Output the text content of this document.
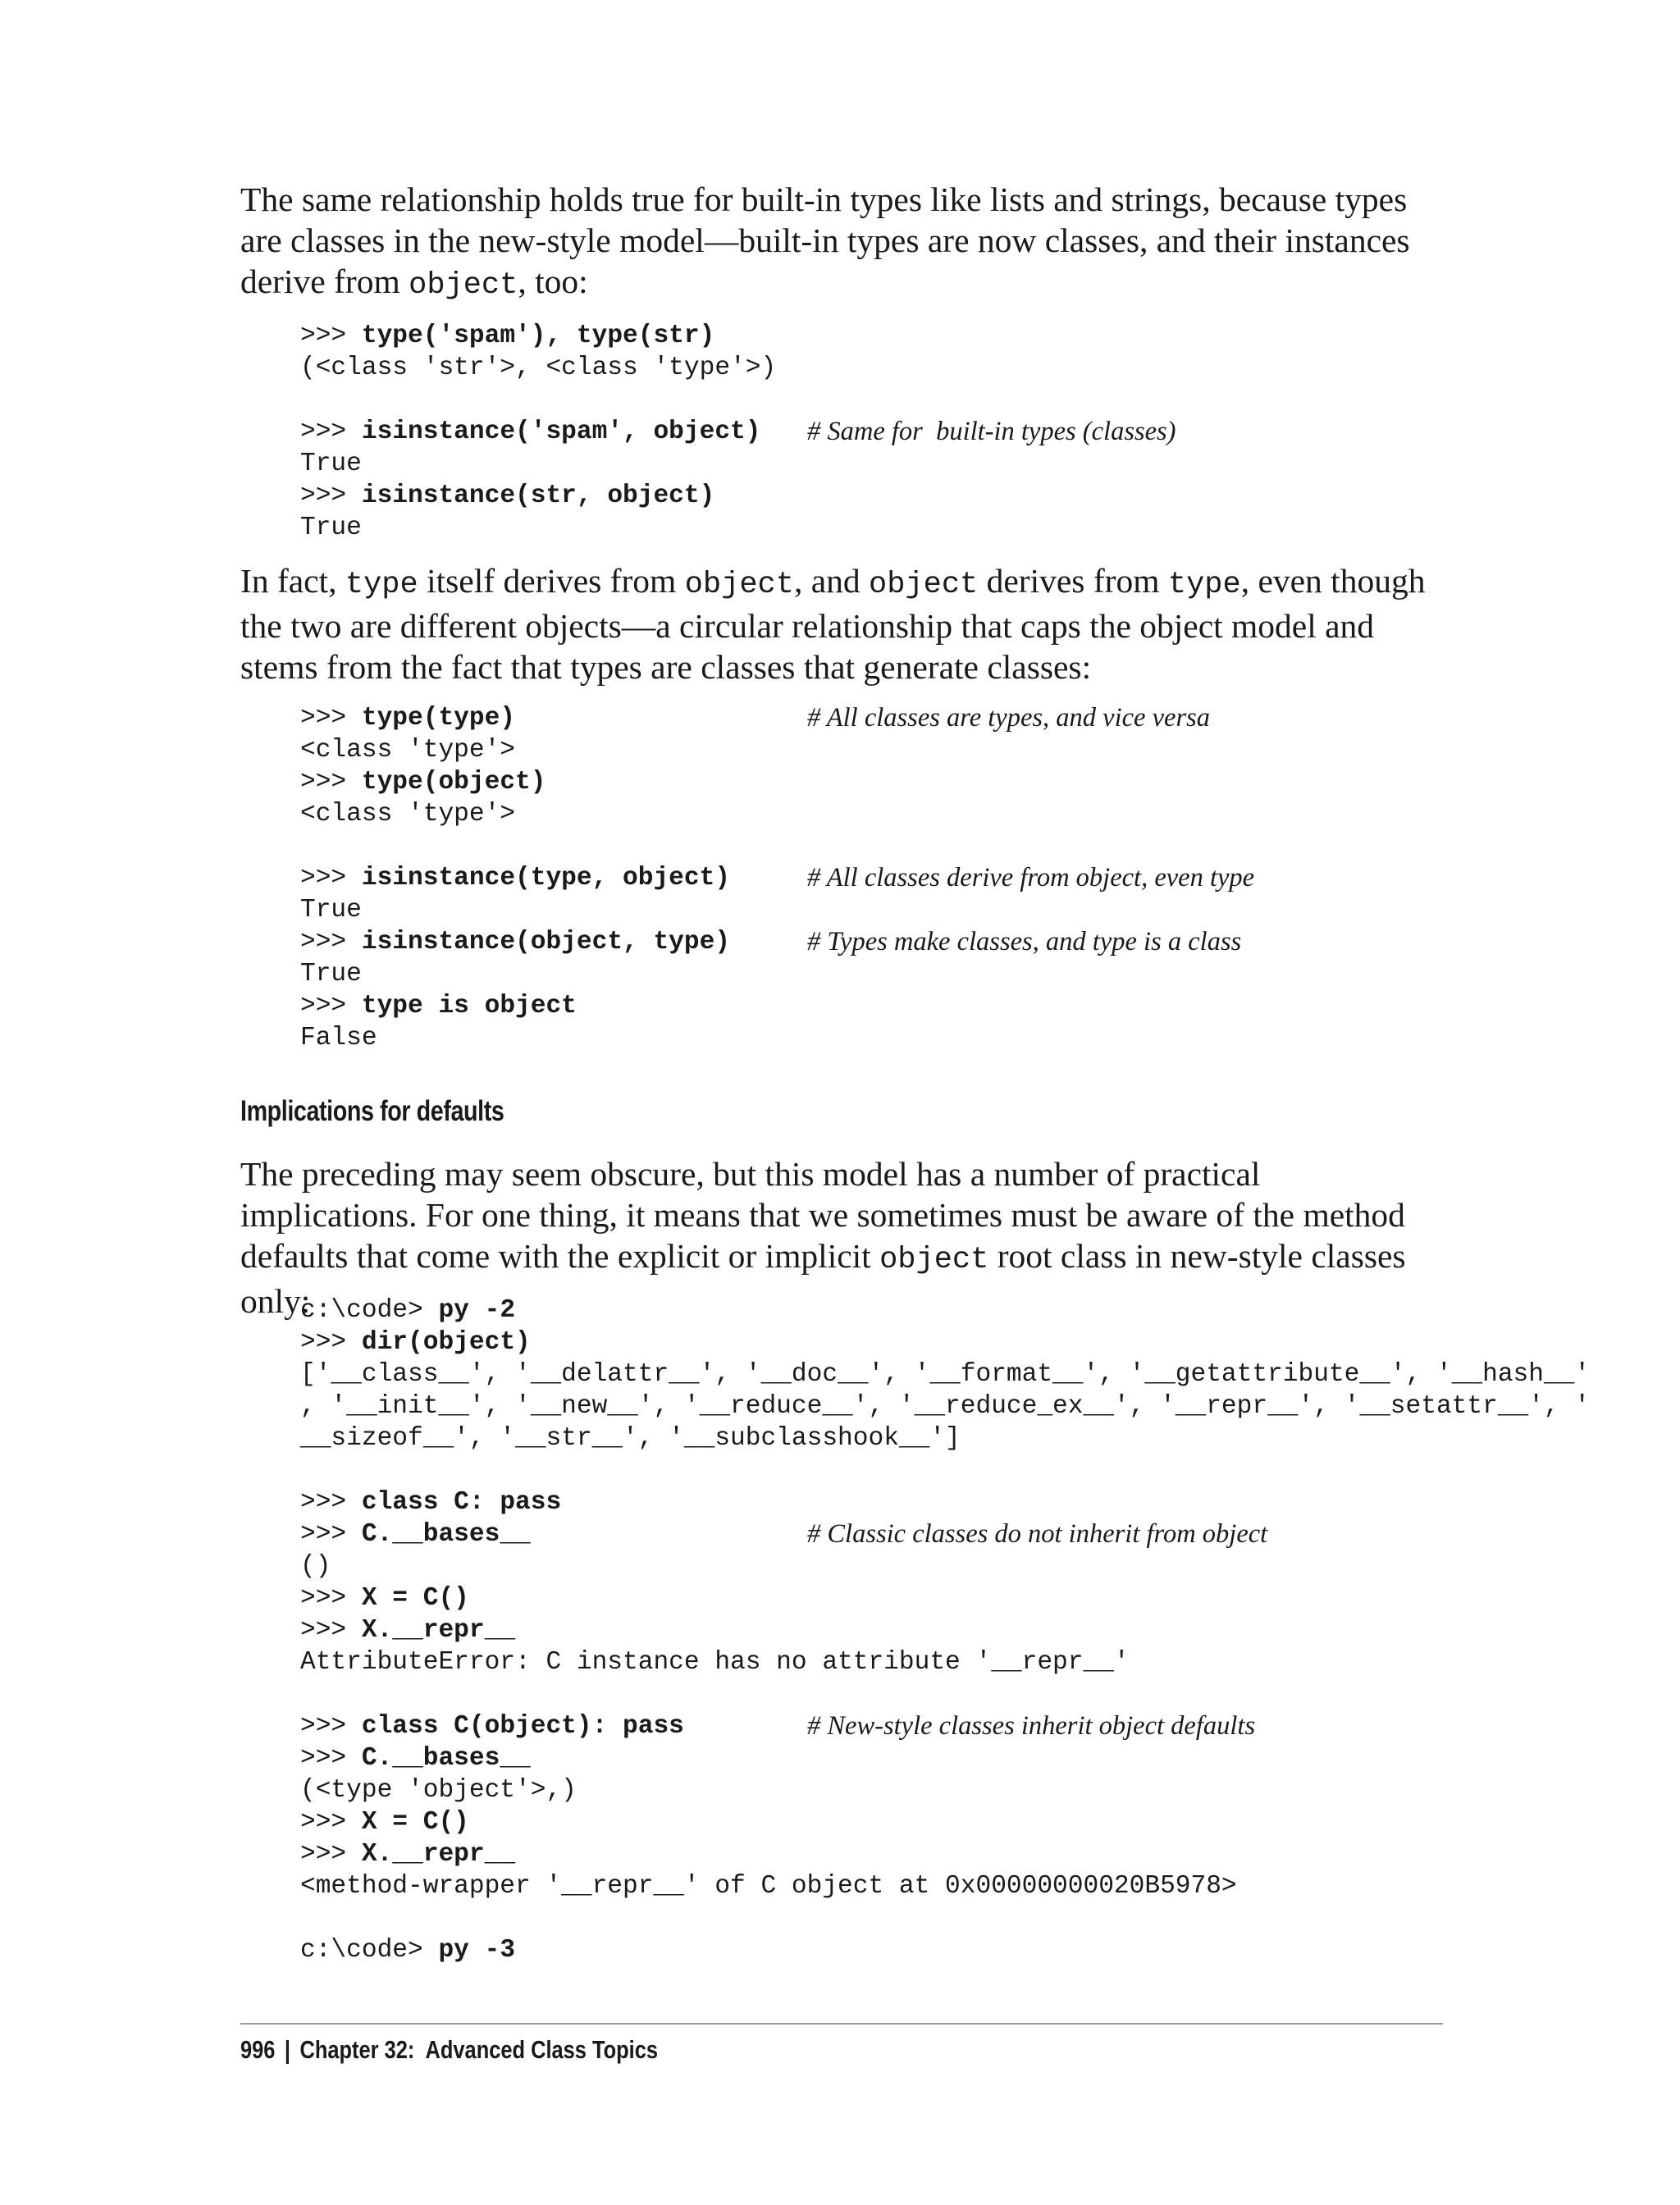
The same relationship holds true for built-in types like lists and strings, because types are classes in the new-style model—built-in types are now classes, and their instances derive from object, too:

>>> type('spam'), type(str)
(<class 'str'>, <class 'type'>)
>>> isinstance('spam', object) # Same for  built-in types (classes)
True
>>> isinstance(str, object)
True

In fact, type itself derives from object, and object derives from type, even though the two are different objects—a circular relationship that caps the object model and stems from the fact that types are classes that generate classes:

>>> type(type)	# All classes are types, and vice versa
<class 'type'>
>>> type(object)
<class 'type'>
>>> isinstance(type, object)	# All classes derive from object, even type
True
>>> isinstance(object, type)	# Types make classes, and type is a class
True
>>> type is object
False
Implications for defaults

The preceding may seem obscure, but this model has a number of practical implications. For one thing, it means that we sometimes must be aware of the method defaults that come with the explicit or implicit object root class in new-style classes only:

c:\code> py -2
>>> dir(object)
['__class__', '__delattr__', '__doc__', '__format__', '__getattribute__', '__hash__'
, '__init__', '__new__', '__reduce__', '__reduce_ex__', '__repr__', '__setattr__', '
__sizeof__', '__str__', '__subclasshook__']
>>> class C: pass
>>> C.__bases__	# Classic classes do not inherit from object
()
>>> X = C()
>>> X.__repr__
AttributeError: C instance has no attribute '__repr__'
>>> class C(object): pass	# New-style classes inherit object defaults
>>> C.__bases__
(<type 'object'>,)
>>> X = C()
>>> X.__repr__
<method-wrapper '__repr__' of C object at 0x00000000020B5978>
c:\code> py -3
996 | Chapter 32:  Advanced Class Topics
